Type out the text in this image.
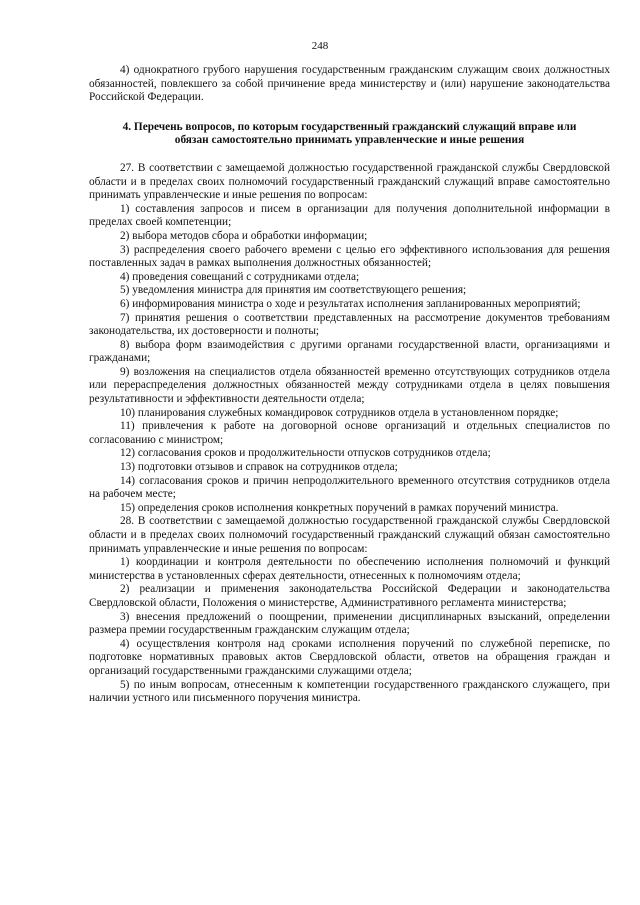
248

4) однократного грубого нарушения государственным гражданским служащим своих должностных обязанностей, повлекшего за собой причинение вреда министерству и (или) нарушение законодательства Российской Федерации.

4. Перечень вопросов, по которым государственный гражданский служащий вправе или
обязан самостоятельно принимать управленческие и иные решения

27. В соответствии с замещаемой должностью государственной гражданской службы Свердловской области и в пределах своих полномочий государственный гражданский служащий вправе самостоятельно принимать управленческие и иные решения по вопросам:

1) составления запросов и писем в организации для получения дополнительной информации в пределах своей компетенции;

2) выбора методов сбора и обработки информации;

3) распределения своего рабочего времени с целью его эффективного использования для решения поставленных задач в рамках выполнения должностных обязанностей;

4) проведения совещаний с сотрудниками отдела;

5) уведомления министра для принятия им соответствующего решения;

6) информирования министра о ходе и результатах исполнения запланированных мероприятий;

7) принятия решения о соответствии представленных на рассмотрение документов требованиям законодательства, их достоверности и полноты;

8) выбора форм взаимодействия с другими органами государственной власти, организациями и гражданами;

9) возложения на специалистов отдела обязанностей временно отсутствующих сотрудников отдела или перераспределения должностных обязанностей между сотрудниками отдела в целях повышения результативности и эффективности деятельности отдела;

10) планирования служебных командировок сотрудников отдела в установленном порядке;

11) привлечения к работе на договорной основе организаций и отдельных специалистов по согласованию с министром;

12) согласования сроков и продолжительности отпусков сотрудников отдела;

13) подготовки отзывов и справок на сотрудников отдела;

14) согласования сроков и причин непродолжительного временного отсутствия сотрудников отдела на рабочем месте;

15) определения сроков исполнения конкретных поручений в рамках поручений министра.

28. В соответствии с замещаемой должностью государственной гражданской службы Свердловской области и в пределах своих полномочий государственный гражданский служащий обязан самостоятельно принимать управленческие и иные решения по вопросам:

1) координации и контроля деятельности по обеспечению исполнения полномочий и функций министерства в установленных сферах деятельности, отнесенных к полномочиям отдела;

2) реализации и применения законодательства Российской Федерации и законодательства Свердловской области, Положения о министерстве, Административного регламента министерства;

3) внесения предложений о поощрении, применении дисциплинарных взысканий, определении размера премии государственным гражданским служащим отдела;

4) осуществления контроля над сроками исполнения поручений по служебной переписке, по подготовке нормативных правовых актов Свердловской области, ответов на обращения граждан и организаций государственными гражданскими служащими отдела;

5) по иным вопросам, отнесенным к компетенции государственного гражданского служащего, при наличии устного или письменного поручения министра.
